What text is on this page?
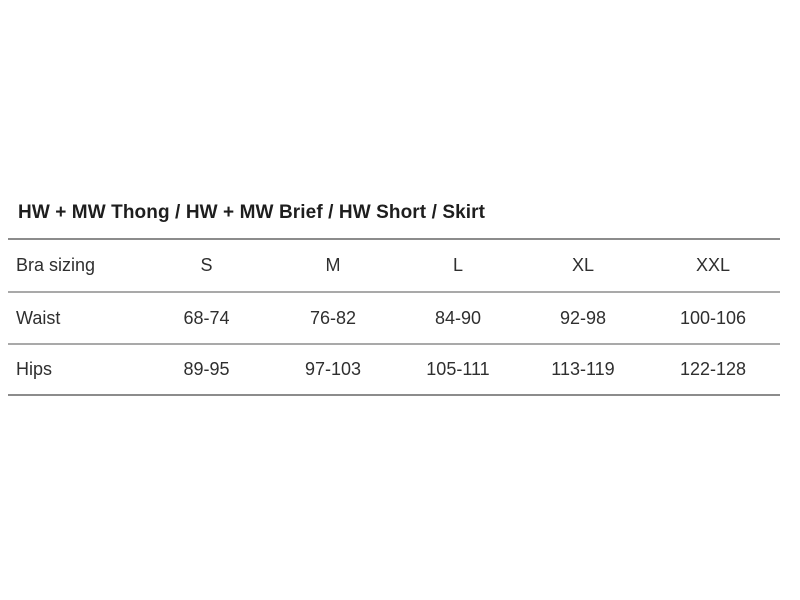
HW + MW Thong / HW + MW Brief / HW Short / Skirt
Bra sizing	S	M	L	XL	XXL
Waist	68-74	76-82	84-90	92-98	100-106
Hips	89-95	97-103	105-111	113-119	122-128
